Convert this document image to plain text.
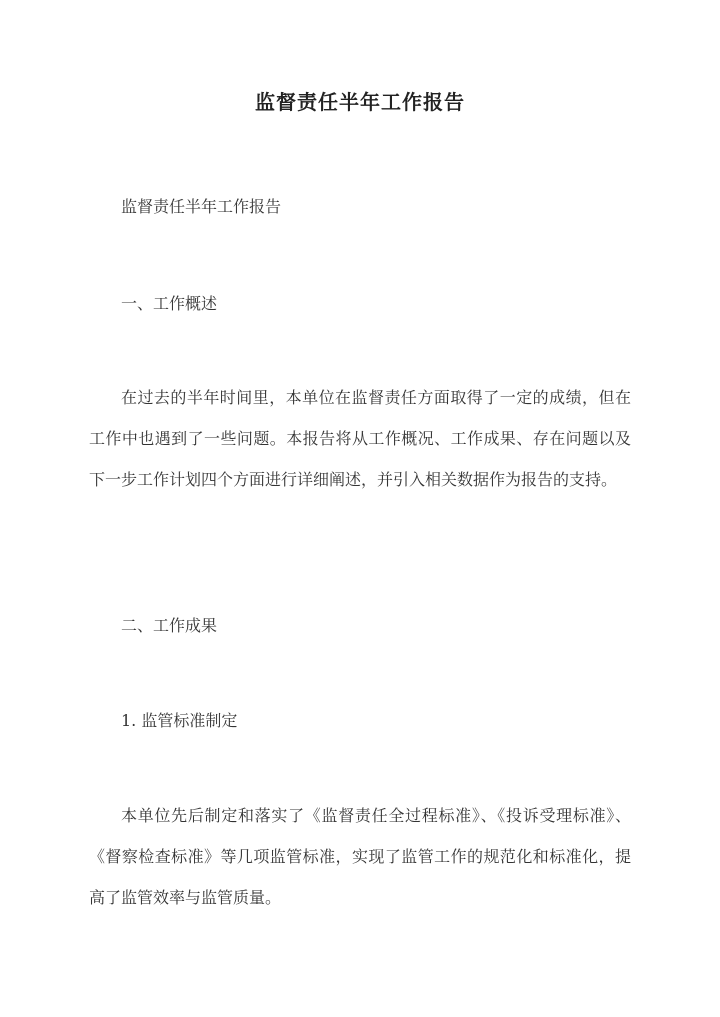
监督责任半年工作报告
监督责任半年工作报告
一、工作概述
在过去的半年时间里，本单位在监督责任方面取得了一定的成绩，但在工作中也遇到了一些问题。本报告将从工作概况、工作成果、存在问题以及下一步工作计划四个方面进行详细阐述，并引入相关数据作为报告的支持。
二、工作成果
1. 监管标准制定
本单位先后制定和落实了《监督责任全过程标准》、《投诉受理标准》、《督察检查标准》等几项监管标准，实现了监管工作的规范化和标准化，提高了监管效率与监管质量。
